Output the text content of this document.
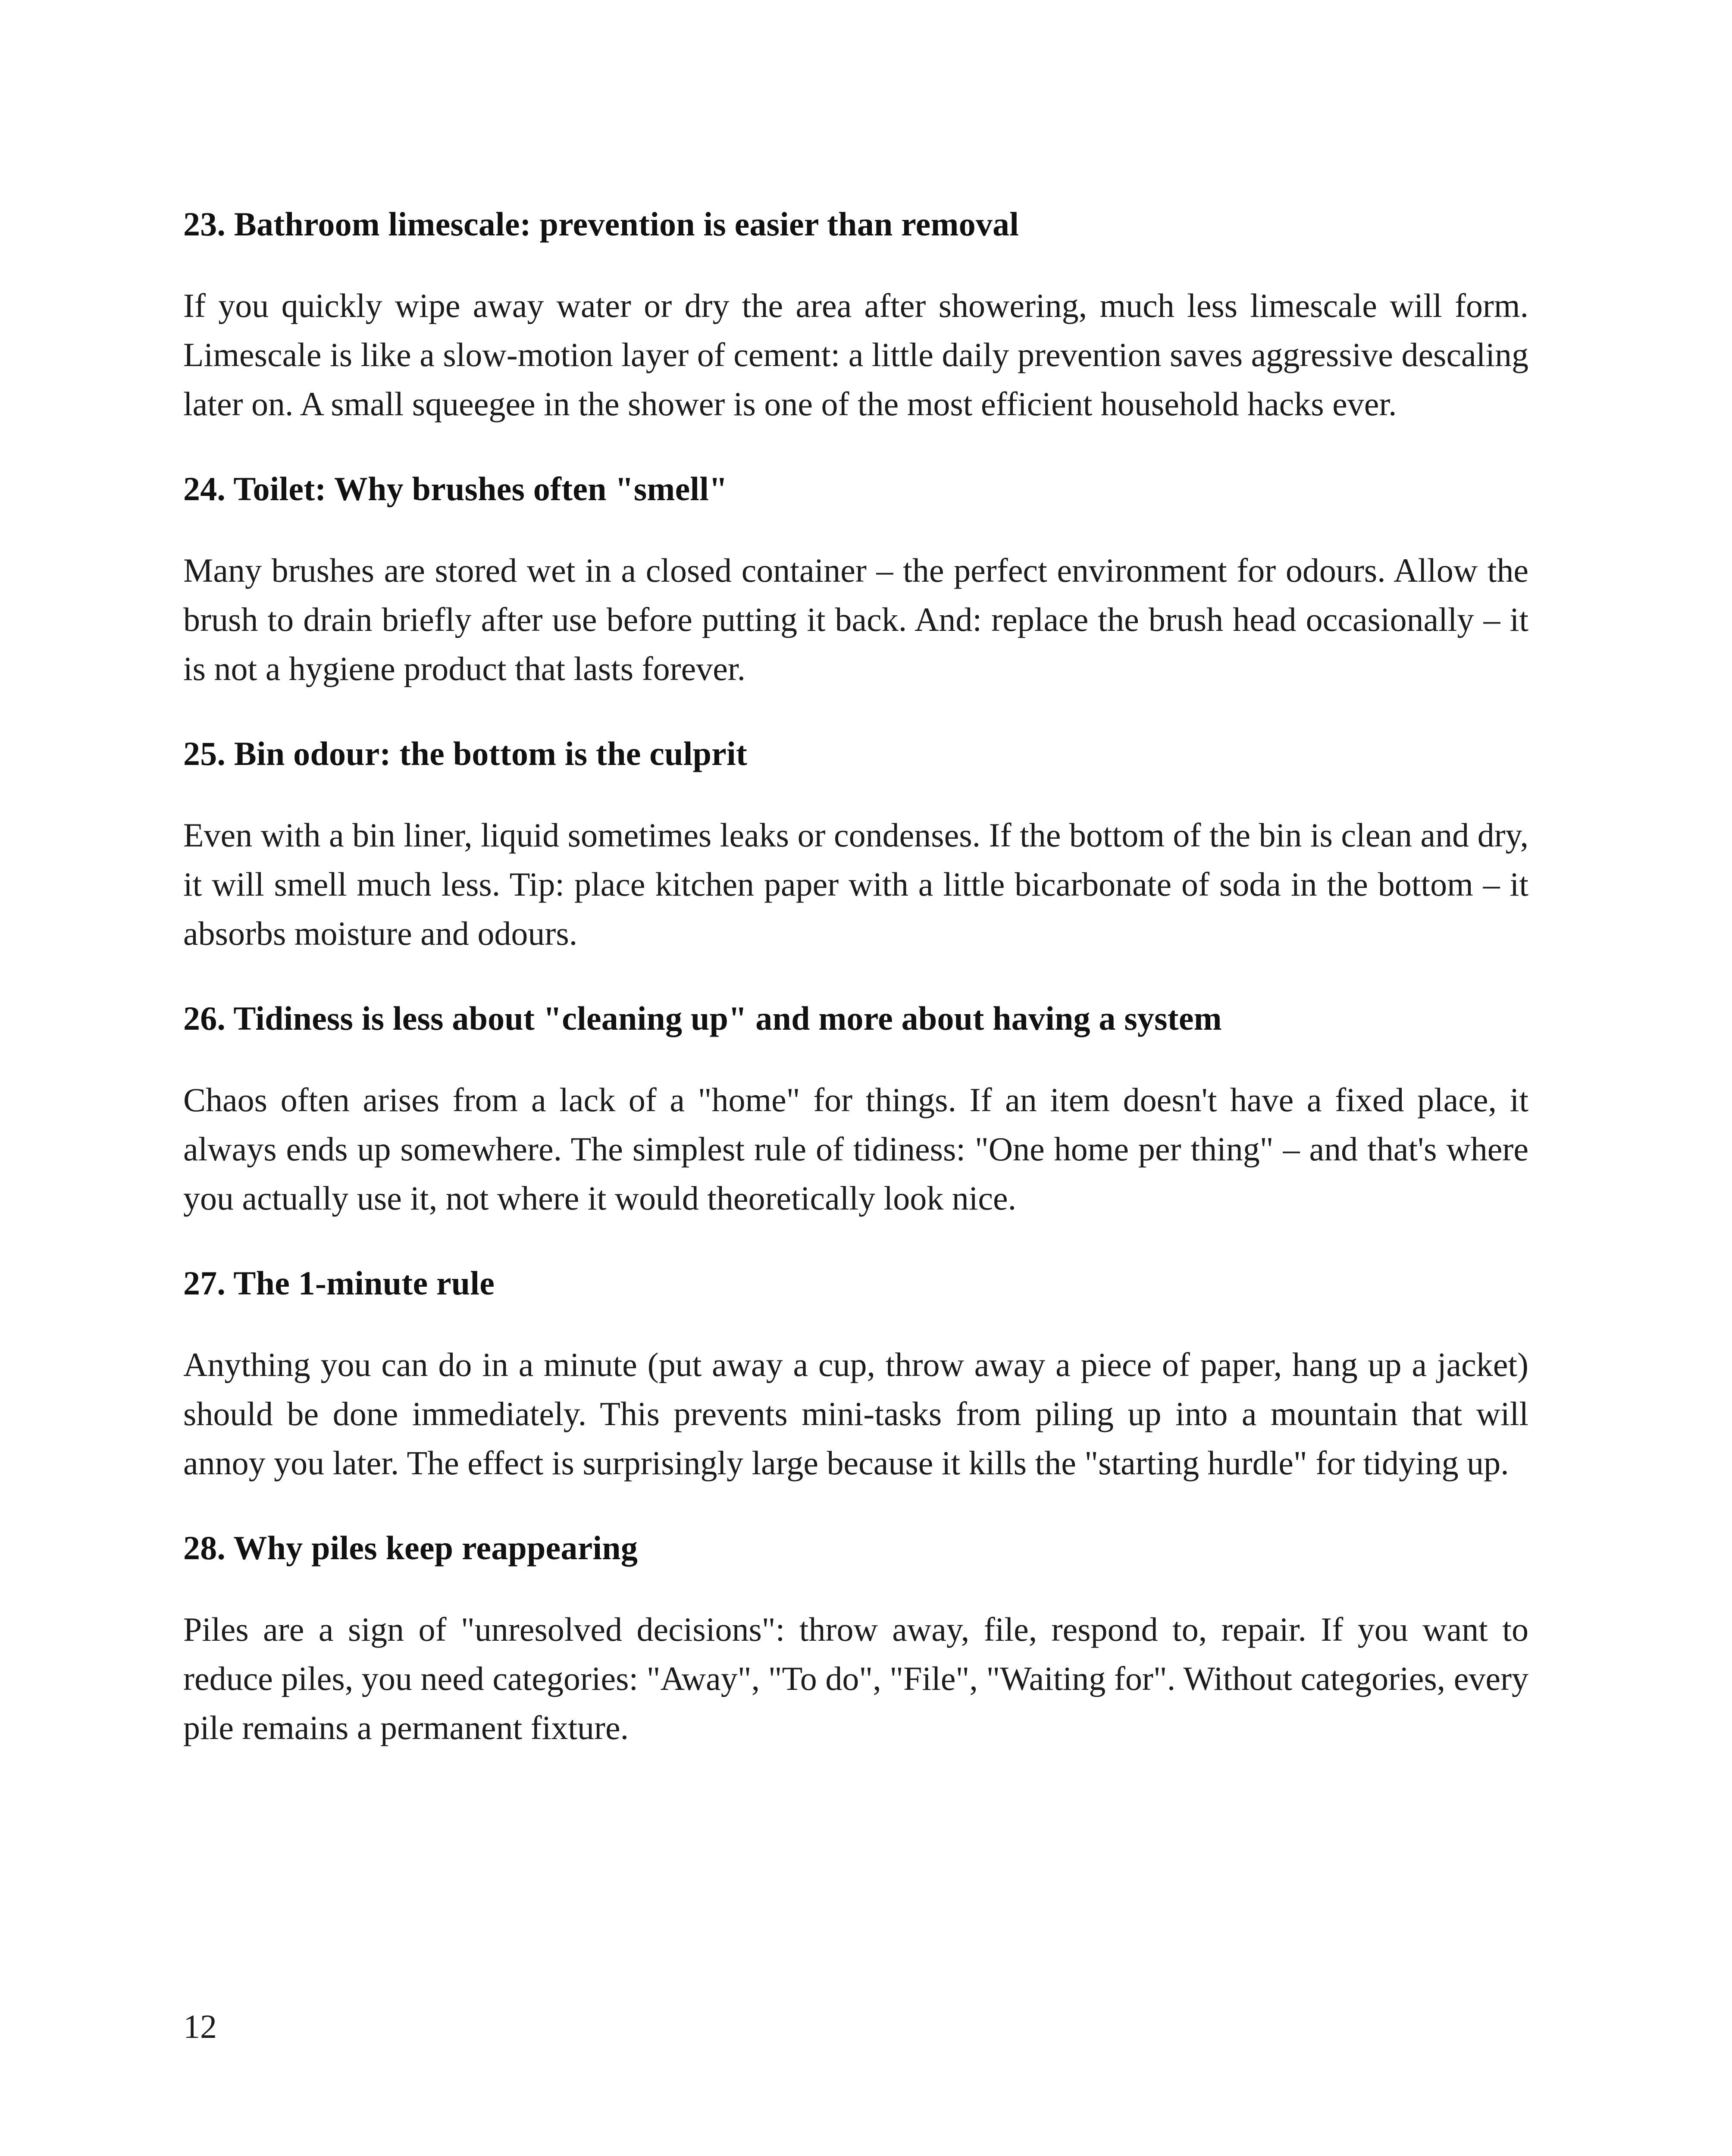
23. Bathroom limescale: prevention is easier than removal

If you quickly wipe away water or dry the area after showering, much less limescale will form. Limescale is like a slow-motion layer of cement: a little daily prevention saves aggressive descaling later on. A small squeegee in the shower is one of the most efficient household hacks ever.

24. Toilet: Why brushes often "smell"

Many brushes are stored wet in a closed container – the perfect environment for odours. Allow the brush to drain briefly after use before putting it back. And: replace the brush head occasionally – it is not a hygiene product that lasts forever.

25. Bin odour: the bottom is the culprit

Even with a bin liner, liquid sometimes leaks or condenses. If the bottom of the bin is clean and dry, it will smell much less. Tip: place kitchen paper with a little bicarbonate of soda in the bottom – it absorbs moisture and odours.

26. Tidiness is less about "cleaning up" and more about having a system

Chaos often arises from a lack of a "home" for things. If an item doesn't have a fixed place, it always ends up somewhere. The simplest rule of tidiness: "One home per thing" – and that's where you actually use it, not where it would theoretically look nice.

27. The 1-minute rule

Anything you can do in a minute (put away a cup, throw away a piece of paper, hang up a jacket) should be done immediately. This prevents mini-tasks from piling up into a mountain that will annoy you later. The effect is surprisingly large because it kills the "starting hurdle" for tidying up.

28. Why piles keep reappearing

Piles are a sign of "unresolved decisions": throw away, file, respond to, repair. If you want to reduce piles, you need categories: "Away", "To do", "File", "Waiting for". Without categories, every pile remains a permanent fixture.

12
